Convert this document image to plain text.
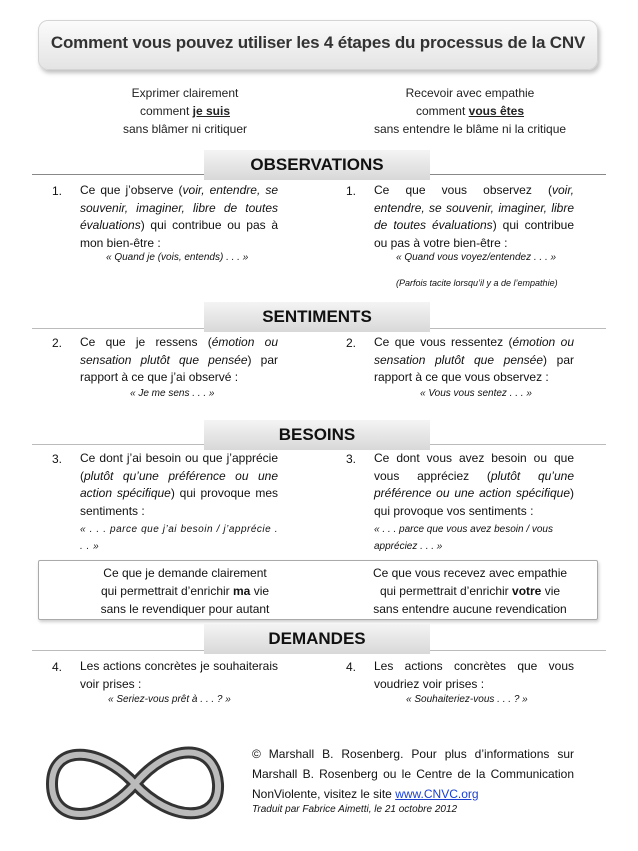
Comment vous pouvez utiliser les 4 étapes du processus de la CNV
Exprimer clairement
comment je suis
sans blâmer ni critiquer
Recevoir avec empathie
comment vous êtes
sans entendre le blâme ni la critique
OBSERVATIONS
1.	Ce que j’observe (voir, entendre, se souvenir, imaginer, libre de toutes évaluations) qui contribue ou pas à mon bien-être :
« Quand je (vois, entends) . . . »
1.	Ce que vous observez (voir, entendre, se souvenir, imaginer, libre de toutes évaluations) qui contribue ou pas à votre bien-être :
« Quand vous voyez/entendez . . . »
(Parfois tacite lorsqu’il y a de l’empathie)
SENTIMENTS
2.	Ce que je ressens (émotion ou sensation plutôt que pensée) par rapport à ce que j’ai observé :
« Je me sens . . . »
2.	Ce que vous ressentez (émotion ou sensation plutôt que pensée) par rapport à ce que vous observez :
« Vous vous sentez . . . »
BESOINS
3.	Ce dont j’ai besoin ou que j’apprécie (plutôt qu’une préférence ou une action spécifique) qui provoque mes sentiments :
« . . . parce que j’ai besoin / j’apprécie . . . »
3.	Ce dont vous avez besoin ou que vous appréciez (plutôt qu’une préférence ou une action spécifique) qui provoque vos sentiments :
« . . . parce que vous avez besoin / vous appréciez . . . »
Ce que je demande clairement
qui permettrait d’enrichir ma vie
sans le revendiquer pour autant
Ce que vous recevez avec empathie
qui permettrait d’enrichir votre vie
sans entendre aucune revendication
DEMANDES
4.	Les actions concrètes je souhaiterais voir prises :
« Seriez-vous prêt à . . . ? »
4.	Les actions concrètes que vous voudriez voir prises :
« Souhaiteriez-vous . . . ? »
© Marshall B. Rosenberg. Pour plus d’informations sur Marshall B. Rosenberg ou le Centre de la Communication NonViolente, visitez le site www.CNVC.org
Traduit par Fabrice Aimetti, le 21 octobre 2012
